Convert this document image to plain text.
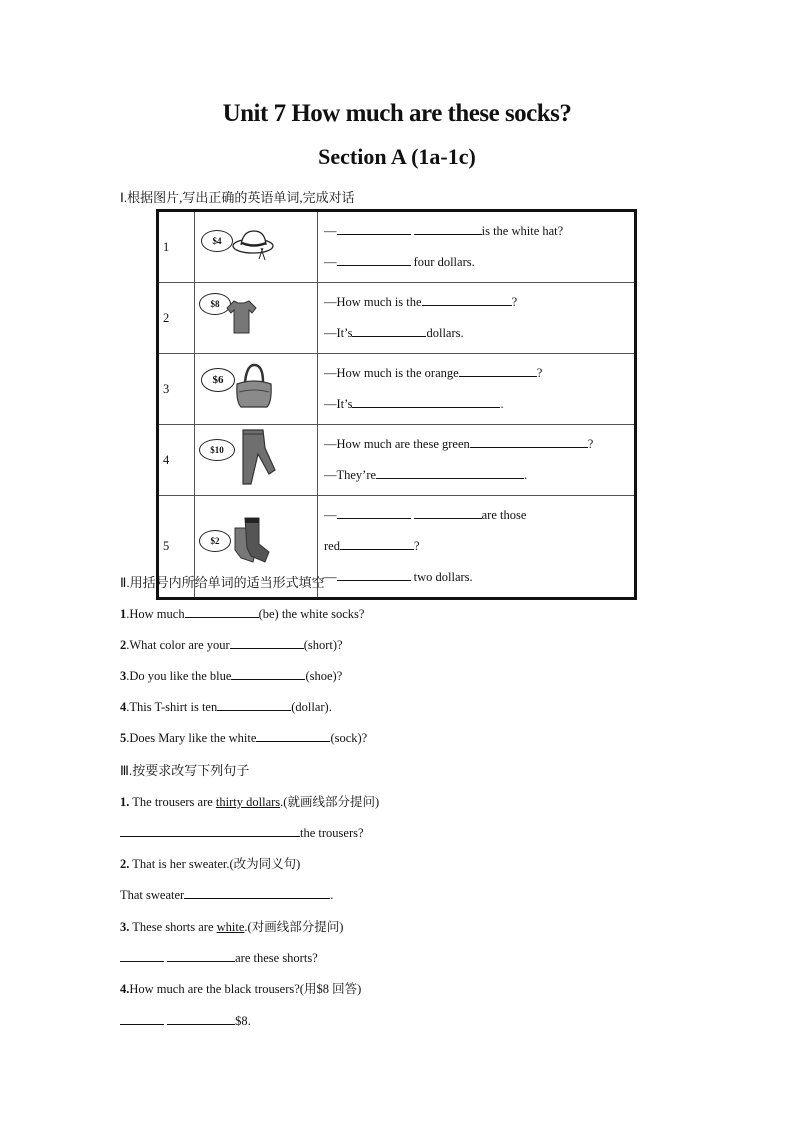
Unit 7 How much are these socks?
Section A (1a-1c)
Ⅰ.根据图片,写出正确的英语单词,完成对话
1	$4	— is the white hat?
— four dollars.

2	$8	—How much is the ?
—It’s dollars.

3	$6	—How much is the orange ?
—It’s .

4	$10	—How much are these green ?
—They’re .

5	$2	— are those
red ?
— two dollars.
Ⅱ.用括号内所给单词的适当形式填空
1.How much	(be) the white socks?
2.What color are your	(short)?
3.Do you like the blue	(shoe)?
4.This T-shirt is ten	(dollar).
5.Does Mary like the white	(sock)?
Ⅲ.按要求改写下列句子
1. The trousers are thirty dollars.(就画线部分提问)
the trousers?
2. That is her sweater.(改为同义句)
That sweater	.
3. These shorts are white.(对画线部分提问)
are these shorts?
4.How much are the black trousers?(用$8 回答)
$8.
